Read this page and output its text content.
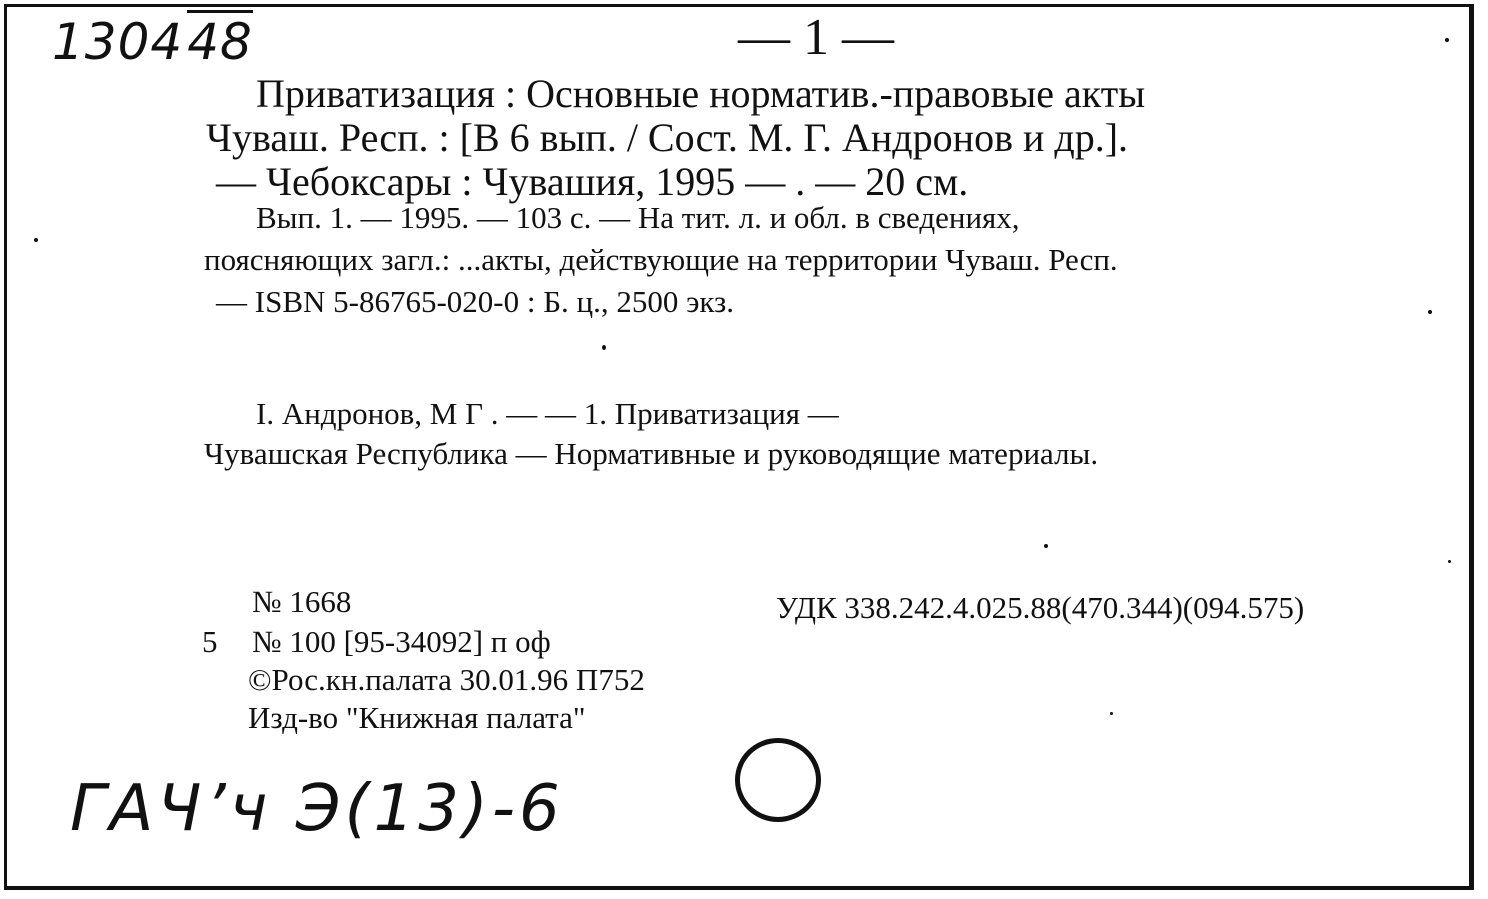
130448	— 1 —
Приватизация : Основные норматив.-правовые акты
Чуваш. Респ. : [В 6 вып. / Сост. М. Г. Андронов и др.].
— Чебоксары : Чувашия, 1995 — . — 20 см.
Вып. 1. — 1995. — 103 с. — На тит. л. и обл. в сведениях,
поясняющих загл.: ...акты, действующие на территории Чуваш. Респ.
— ISBN 5-86765-020-0 : Б. ц., 2500 экз.
I. Андронов, М Г . — — 1. Приватизация —
Чувашская Республика — Нормативные и руководящие материалы.
№ 1668
5 № 100 [95-34092] п оф
©Рос.кн.палата 30.01.96 П752
Изд-во "Книжная палата"
УДК 338.242.4.025.88(470.344)(094.575)
ГАЧ’ч Э(13)-6
